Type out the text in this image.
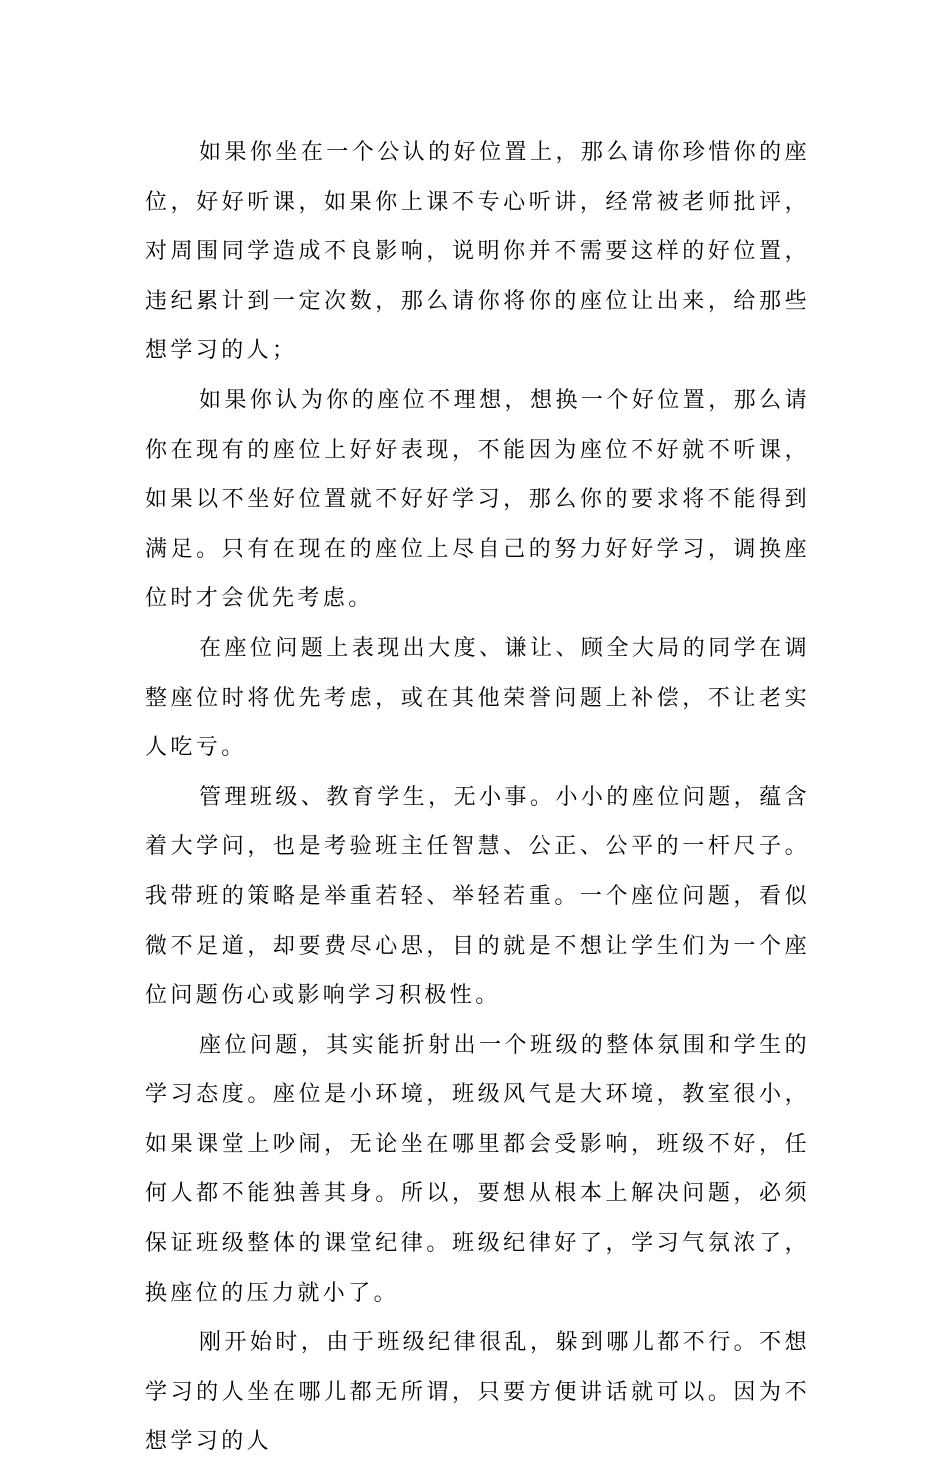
如果你坐在一个公认的好位置上，那么请你珍惜你的座位，好好听课，如果你上课不专心听讲，经常被老师批评，对周围同学造成不良影响，说明你并不需要这样的好位置，违纪累计到一定次数，那么请你将你的座位让出来，给那些想学习的人；

如果你认为你的座位不理想，想换一个好位置，那么请你在现有的座位上好好表现，不能因为座位不好就不听课，如果以不坐好位置就不好好学习，那么你的要求将不能得到满足。只有在现在的座位上尽自己的努力好好学习，调换座位时才会优先考虑。

在座位问题上表现出大度、谦让、顾全大局的同学在调整座位时将优先考虑，或在其他荣誉问题上补偿，不让老实人吃亏。

管理班级、教育学生，无小事。小小的座位问题，蕴含着大学问，也是考验班主任智慧、公正、公平的一杆尺子。我带班的策略是举重若轻、举轻若重。一个座位问题，看似微不足道，却要费尽心思，目的就是不想让学生们为一个座位问题伤心或影响学习积极性。

座位问题，其实能折射出一个班级的整体氛围和学生的学习态度。座位是小环境，班级风气是大环境，教室很小，如果课堂上吵闹，无论坐在哪里都会受影响，班级不好，任何人都不能独善其身。所以，要想从根本上解决问题，必须保证班级整体的课堂纪律。班级纪律好了，学习气氛浓了，换座位的压力就小了。

刚开始时，由于班级纪律很乱，躲到哪儿都不行。不想学习的人坐在哪儿都无所谓，只要方便讲话就可以。因为不想学习的人
